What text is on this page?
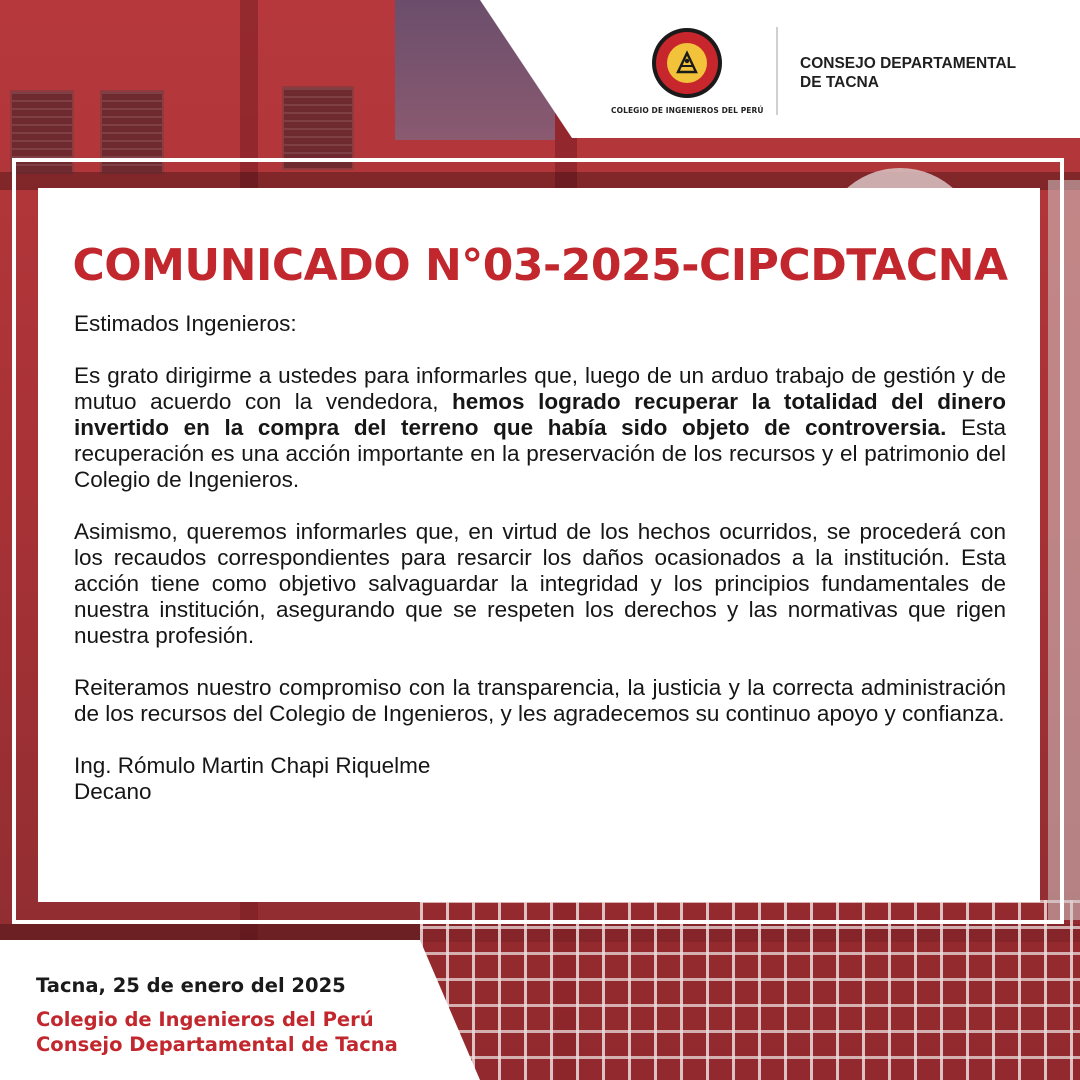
COLEGIO DE INGENIEROS DEL PERÚ
CONSEJO DEPARTAMENTAL
DE TACNA
COMUNICADO N°03-2025-CIPCDTACNA

Estimados Ingenieros:

Es grato dirigirme a ustedes para informarles que, luego de un arduo trabajo de gestión y de mutuo acuerdo con la vendedora, hemos logrado recuperar la totalidad del dinero invertido en la compra del terreno que había sido objeto de controversia. Esta recuperación es una acción importante en la preservación de los recursos y el patrimonio del Colegio de Ingenieros.

Asimismo, queremos informarles que, en virtud de los hechos ocurridos, se procederá con los recaudos correspondientes para resarcir los daños ocasionados a la institución. Esta acción tiene como objetivo salvaguardar la integridad y los principios fundamentales de nuestra institución, asegurando que se respeten los derechos y las normativas que rigen nuestra profesión.

Reiteramos nuestro compromiso con la transparencia, la justicia y la correcta administración de los recursos del Colegio de Ingenieros, y les agradecemos su continuo apoyo y confianza.

Ing. Rómulo Martin Chapi Riquelme

Decano

Tacna, 25 de enero del 2025
Colegio de Ingenieros del Perú
Consejo Departamental de Tacna
